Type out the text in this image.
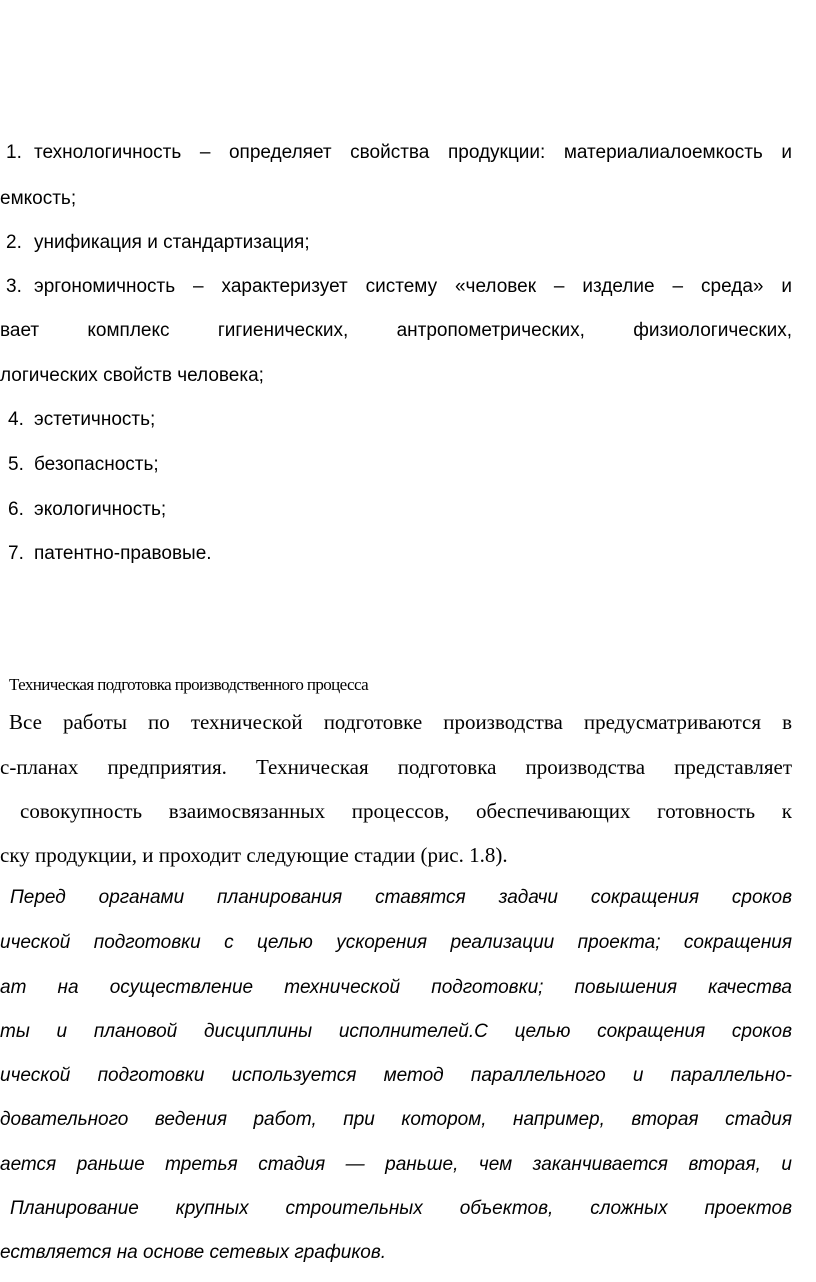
1. технологичность – определяет свойства продукции: материалиалоемкость и
емкость;
2. унификация и стандартизация;
3. эргономичность – характеризует систему «человек – изделие – среда» и
вает комплекс гигиенических, антропометрических, физиологических,
логических свойств человека;
4. эстетичность;
5. безопасность;
6. экологичность;
7. патентно-правовые.
Техническая подготовка производственного процесса
Все работы по технической подготовке производства предусматриваются в
с-планах предприятия. Техническая подготовка производства представляет
совокупность взаимосвязанных процессов, обеспечивающих готовность к
ску продукции, и проходит следующие стадии (рис. 1.8).
Перед органами планирования ставятся задачи сокращения сроков
ической подготовки с целью ускорения реализации проекта; сокращения
ат на осуществление технической подготовки; повышения качества
ты и плановой дисциплины исполнителей.С целью сокращения сроков
ической подготовки используется метод параллельного и параллельно-
довательного ведения работ, при котором, например, вторая стадия
ается раньше третья стадия — раньше, чем заканчивается вторая, и
Планирование крупных строительных объектов, сложных проектов
ествляется на основе сетевых графиков.
